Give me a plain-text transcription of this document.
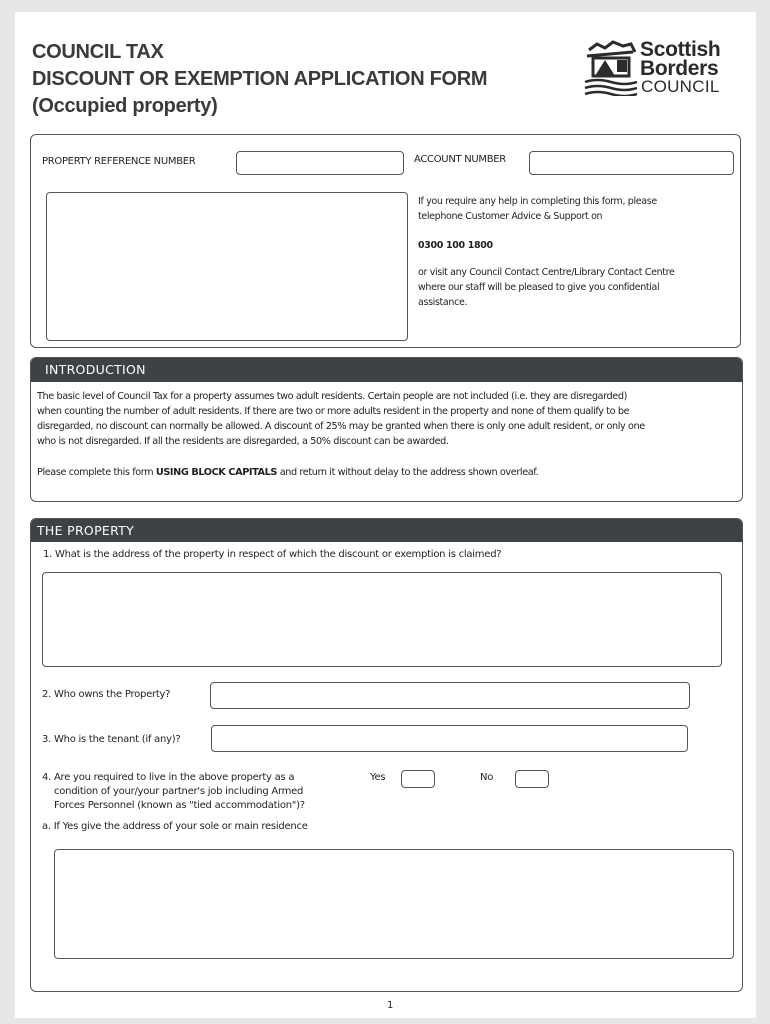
COUNCIL TAX
DISCOUNT OR EXEMPTION APPLICATION FORM
(Occupied property)
Scottish
Borders
COUNCIL
PROPERTY REFERENCE NUMBER	ACCOUNT NUMBER
If you require any help in completing this form, please
telephone Customer Advice & Support on
0300 100 1800
or visit any Council Contact Centre/Library Contact Centre
where our staff will be pleased to give you confidential
assistance.
INTRODUCTION
The basic level of Council Tax for a property assumes two adult residents. Certain people are not included (i.e. they are disregarded)
when counting the number of adult residents. If there are two or more adults resident in the property and none of them qualify to be
disregarded, no discount can normally be allowed. A discount of 25% may be granted when there is only one adult resident, or only one
who is not disregarded. If all the residents are disregarded, a 50% discount can be awarded.
Please complete this form USING BLOCK CAPITALS and return it without delay to the address shown overleaf.
THE PROPERTY
1. What is the address of the property in respect of which the discount or exemption is claimed?
2. Who owns the Property?
3. Who is the tenant (if any)?
4. Are you required to live in the above property as a
condition of your/your partner's job including Armed
Forces Personnel (known as "tied accommodation")?
Yes	No
a. If Yes give the address of your sole or main residence
1
